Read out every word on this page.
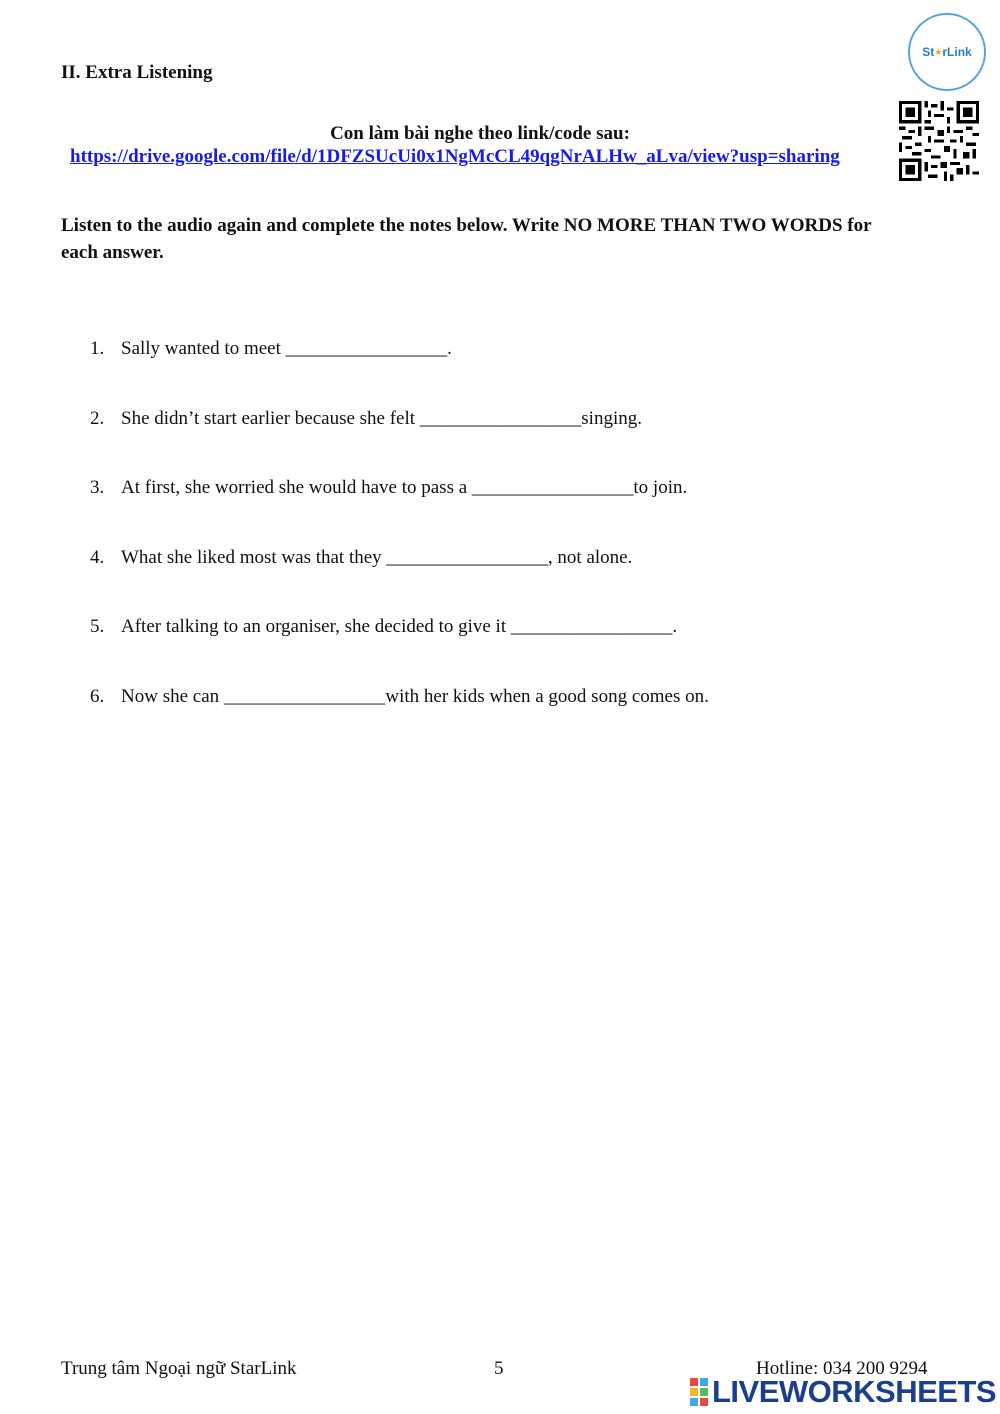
II. Extra Listening
St ★ r Link
Con làm bài nghe theo link/code sau:
https://drive.google.com/file/d/1DFZSUcUi0x1NgMcCL49qgNrALHw_aLva/view?usp=sharing
Listen to the audio again and complete the notes below. Write NO MORE THAN TWO WORDS for each answer.
1. Sally wanted to meet _________________.
2. She didn’t start earlier because she felt _________________singing.
3. At first, she worried she would have to pass a _________________to join.
4. What she liked most was that they _________________, not alone.
5. After talking to an organiser, she decided to give it _________________.
6. Now she can _________________with her kids when a good song comes on.
Trung tâm Ngoại ngữ StarLink	5	Hotline: 034 200 9294
LIVEWORKSHEETS
